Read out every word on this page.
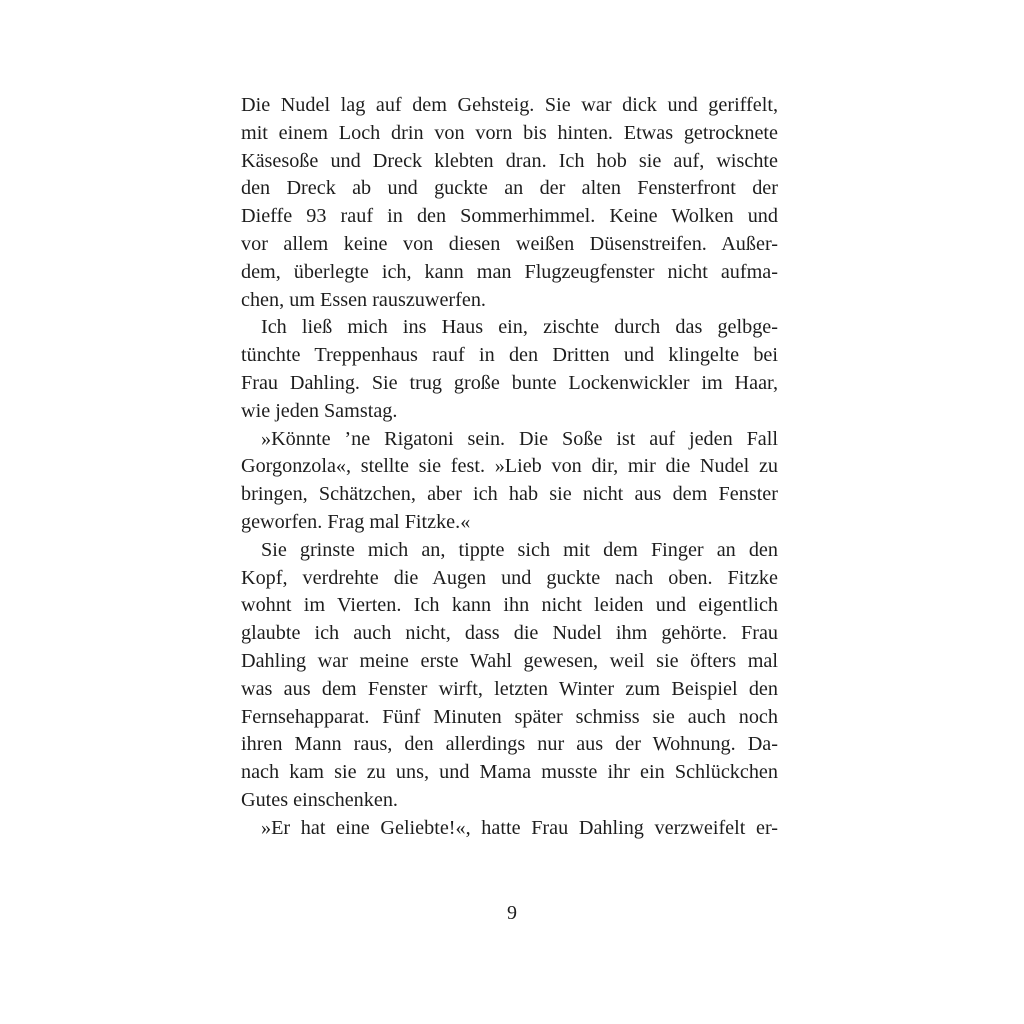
Die Nudel lag auf dem Gehsteig. Sie war dick und geriffelt,
mit einem Loch drin von vorn bis hinten. Etwas getrocknete
Käsesoße und Dreck klebten dran. Ich hob sie auf, wischte
den Dreck ab und guckte an der alten Fensterfront der
Dieffe 93 rauf in den Sommerhimmel. Keine Wolken und
vor allem keine von diesen weißen Düsenstreifen. Außer-
dem, überlegte ich, kann man Flugzeugfenster nicht aufma-
chen, um Essen rauszuwerfen.
Ich ließ mich ins Haus ein, zischte durch das gelbge-
tünchte Treppenhaus rauf in den Dritten und klingelte bei
Frau Dahling. Sie trug große bunte Lockenwickler im Haar,
wie jeden Samstag.
»Könnte ’ne Rigatoni sein. Die Soße ist auf jeden Fall
Gorgonzola«, stellte sie fest. »Lieb von dir, mir die Nudel zu
bringen, Schätzchen, aber ich hab sie nicht aus dem Fenster
geworfen. Frag mal Fitzke.«
Sie grinste mich an, tippte sich mit dem Finger an den
Kopf, verdrehte die Augen und guckte nach oben. Fitzke
wohnt im Vierten. Ich kann ihn nicht leiden und eigentlich
glaubte ich auch nicht, dass die Nudel ihm gehörte. Frau
Dahling war meine erste Wahl gewesen, weil sie öfters mal
was aus dem Fenster wirft, letzten Winter zum Beispiel den
Fernsehapparat. Fünf Minuten später schmiss sie auch noch
ihren Mann raus, den allerdings nur aus der Wohnung. Da-
nach kam sie zu uns, und Mama musste ihr ein Schlückchen
Gutes einschenken.
»Er hat eine Geliebte!«, hatte Frau Dahling verzweifelt er-
9
